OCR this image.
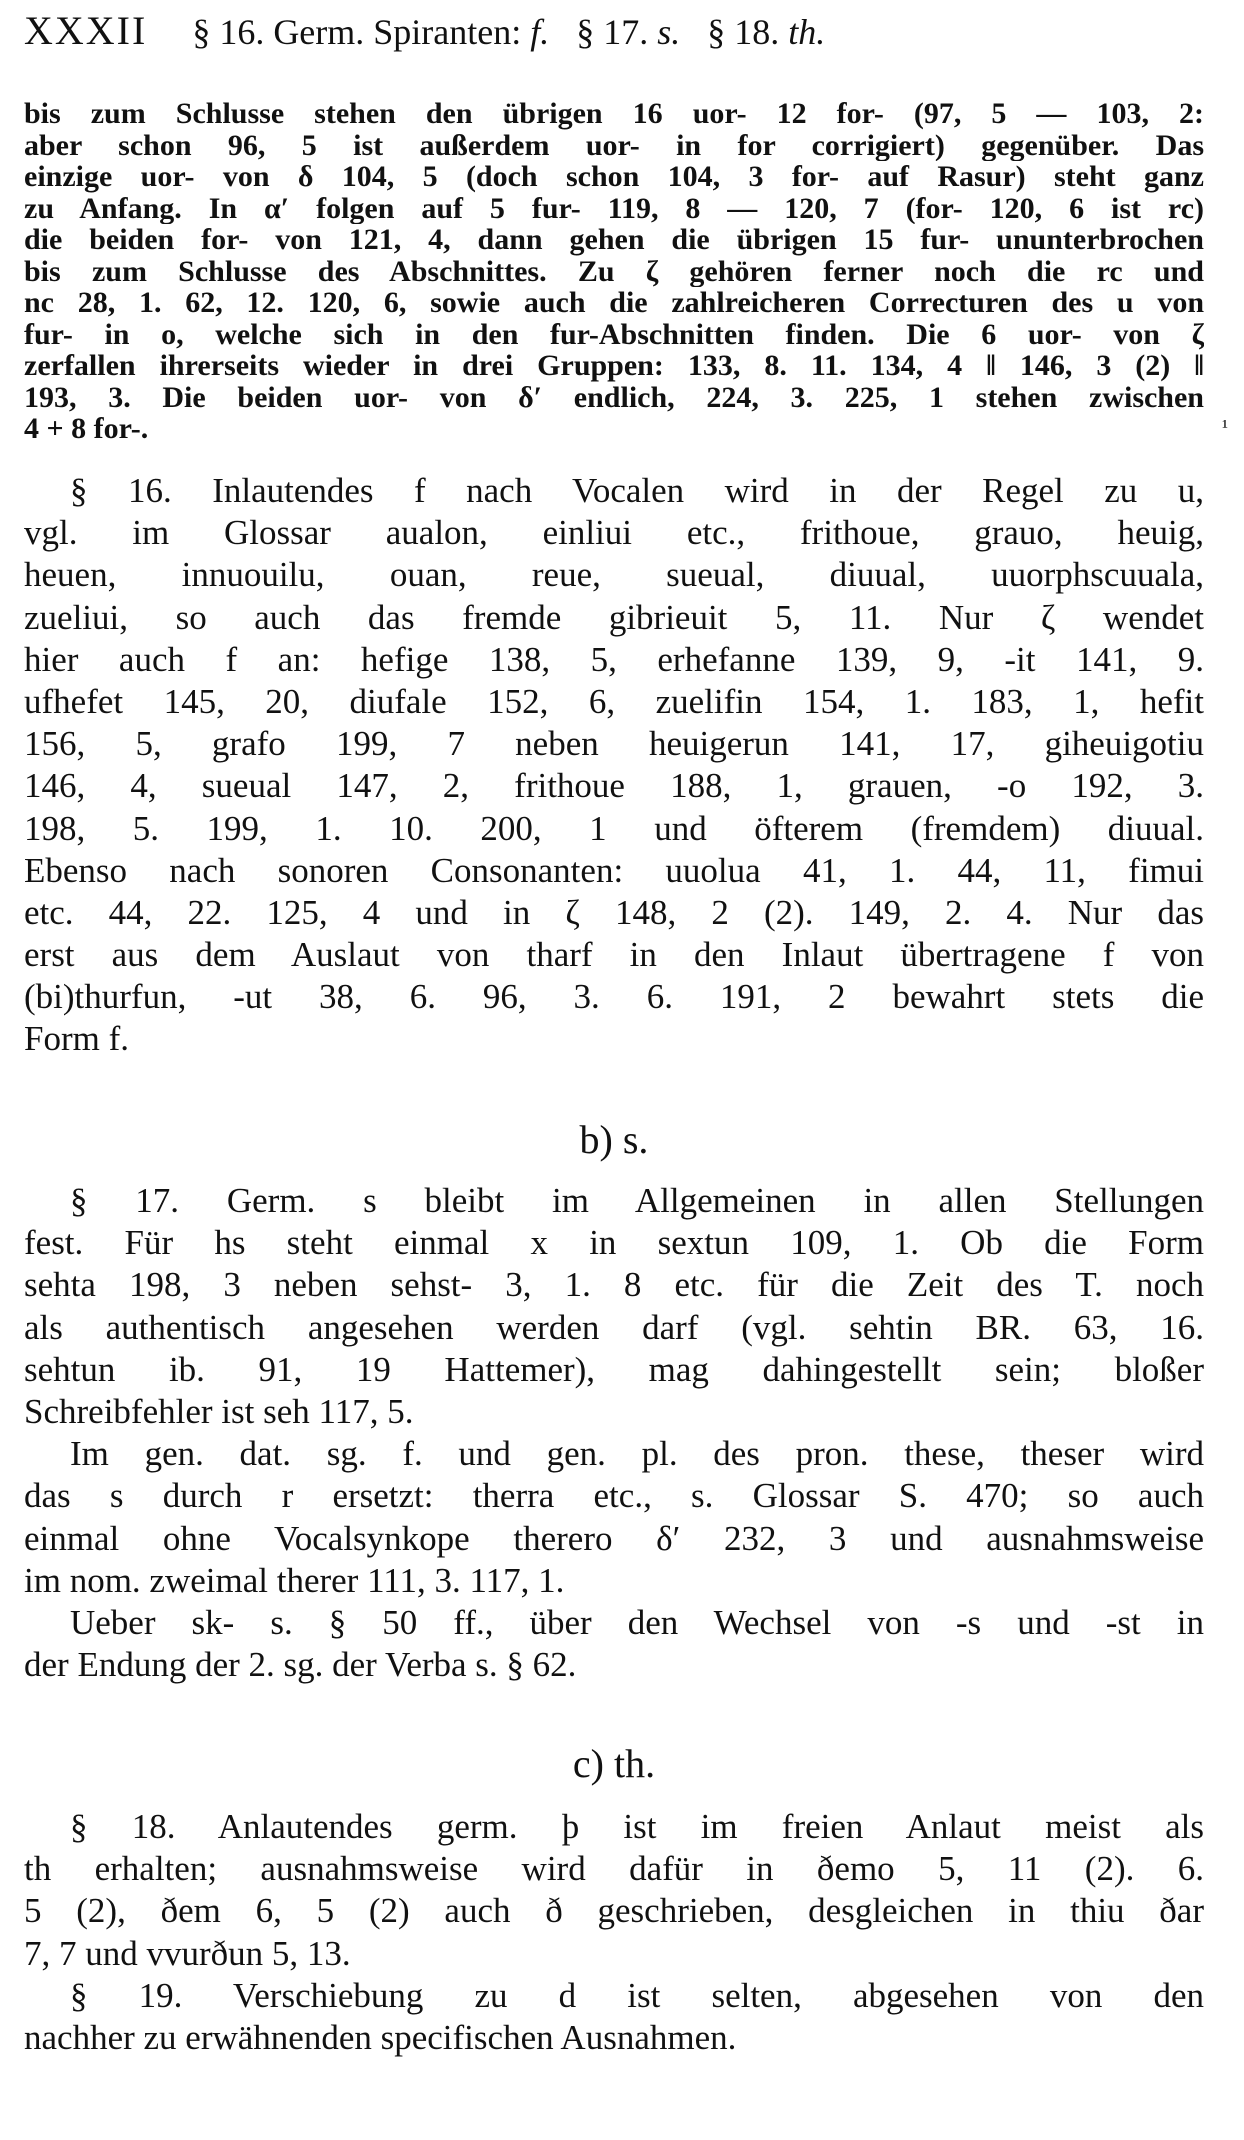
XXXII § 16. Germ. Spiranten: f. § 17. s. § 18. th.
bis zum Schlusse stehen den übrigen 16 uor- 12 for- (97, 5 — 103, 2:
aber schon 96, 5 ist außerdem uor- in for corrigiert) gegenüber. Das
einzige uor- von δ 104, 5 (doch schon 104, 3 for- auf Rasur) steht ganz
zu Anfang. In α′ folgen auf 5 fur- 119, 8 — 120, 7 (for- 120, 6 ist rc)
die beiden for- von 121, 4, dann gehen die übrigen 15 fur- ununterbrochen
bis zum Schlusse des Abschnittes. Zu ζ gehören ferner noch die rc und
nc 28, 1. 62, 12. 120, 6, sowie auch die zahlreicheren Correcturen des u von
fur- in o, welche sich in den fur-Abschnitten finden. Die 6 uor- von ζ
zerfallen ihrerseits wieder in drei Gruppen: 133, 8. 11. 134, 4 ‖ 146, 3 (2) ‖
193, 3. Die beiden uor- von δ′ endlich, 224, 3. 225, 1 stehen zwischen
4 + 8 for-.	¹
§ 16. Inlautendes f nach Vocalen wird in der Regel zu u,
vgl. im Glossar aualon, einliui etc., frithoue, grauo, heuig,
heuen, innuouilu, ouan, reue, sueual, diuual, uuorphscuuala,
zueliui, so auch das fremde gibrieuit 5, 11. Nur ζ wendet
hier auch f an: hefige 138, 5, erhefanne 139, 9, -it 141, 9.
ufhefet 145, 20, diufale 152, 6, zuelifin 154, 1. 183, 1, hefit
156, 5, grafo 199, 7 neben heuigerun 141, 17, giheuigotiu
146, 4, sueual 147, 2, frithoue 188, 1, grauen, -o 192, 3.
198, 5. 199, 1. 10. 200, 1 und öfterem (fremdem) diuual.
Ebenso nach sonoren Consonanten: uuolua 41, 1. 44, 11, fimui
etc. 44, 22. 125, 4 und in ζ 148, 2 (2). 149, 2. 4. Nur das
erst aus dem Auslaut von tharf in den Inlaut übertragene f von
(bi)thurfun, -ut 38, 6. 96, 3. 6. 191, 2 bewahrt stets die
Form f.
b) s.
§ 17. Germ. s bleibt im Allgemeinen in allen Stellungen
fest. Für hs steht einmal x in sextun 109, 1. Ob die Form
sehta 198, 3 neben sehst- 3, 1. 8 etc. für die Zeit des T. noch
als authentisch angesehen werden darf (vgl. sehtin BR. 63, 16.
sehtun ib. 91, 19 Hattemer), mag dahingestellt sein; bloßer
Schreibfehler ist seh 117, 5.
Im gen. dat. sg. f. und gen. pl. des pron. these, theser wird
das s durch r ersetzt: therra etc., s. Glossar S. 470; so auch
einmal ohne Vocalsynkope therero δ′ 232, 3 und ausnahmsweise
im nom. zweimal therer 111, 3. 117, 1.
Ueber sk- s. § 50 ff., über den Wechsel von -s und -st in
der Endung der 2. sg. der Verba s. § 62.
c) th.
§ 18. Anlautendes germ. þ ist im freien Anlaut meist als
th erhalten; ausnahmsweise wird dafür in ðemo 5, 11 (2). 6.
5 (2), ðem 6, 5 (2) auch ð geschrieben, desgleichen in thiu ðar
7, 7 und vvurðun 5, 13.
§ 19. Verschiebung zu d ist selten, abgesehen von den
nachher zu erwähnenden specifischen Ausnahmen.
